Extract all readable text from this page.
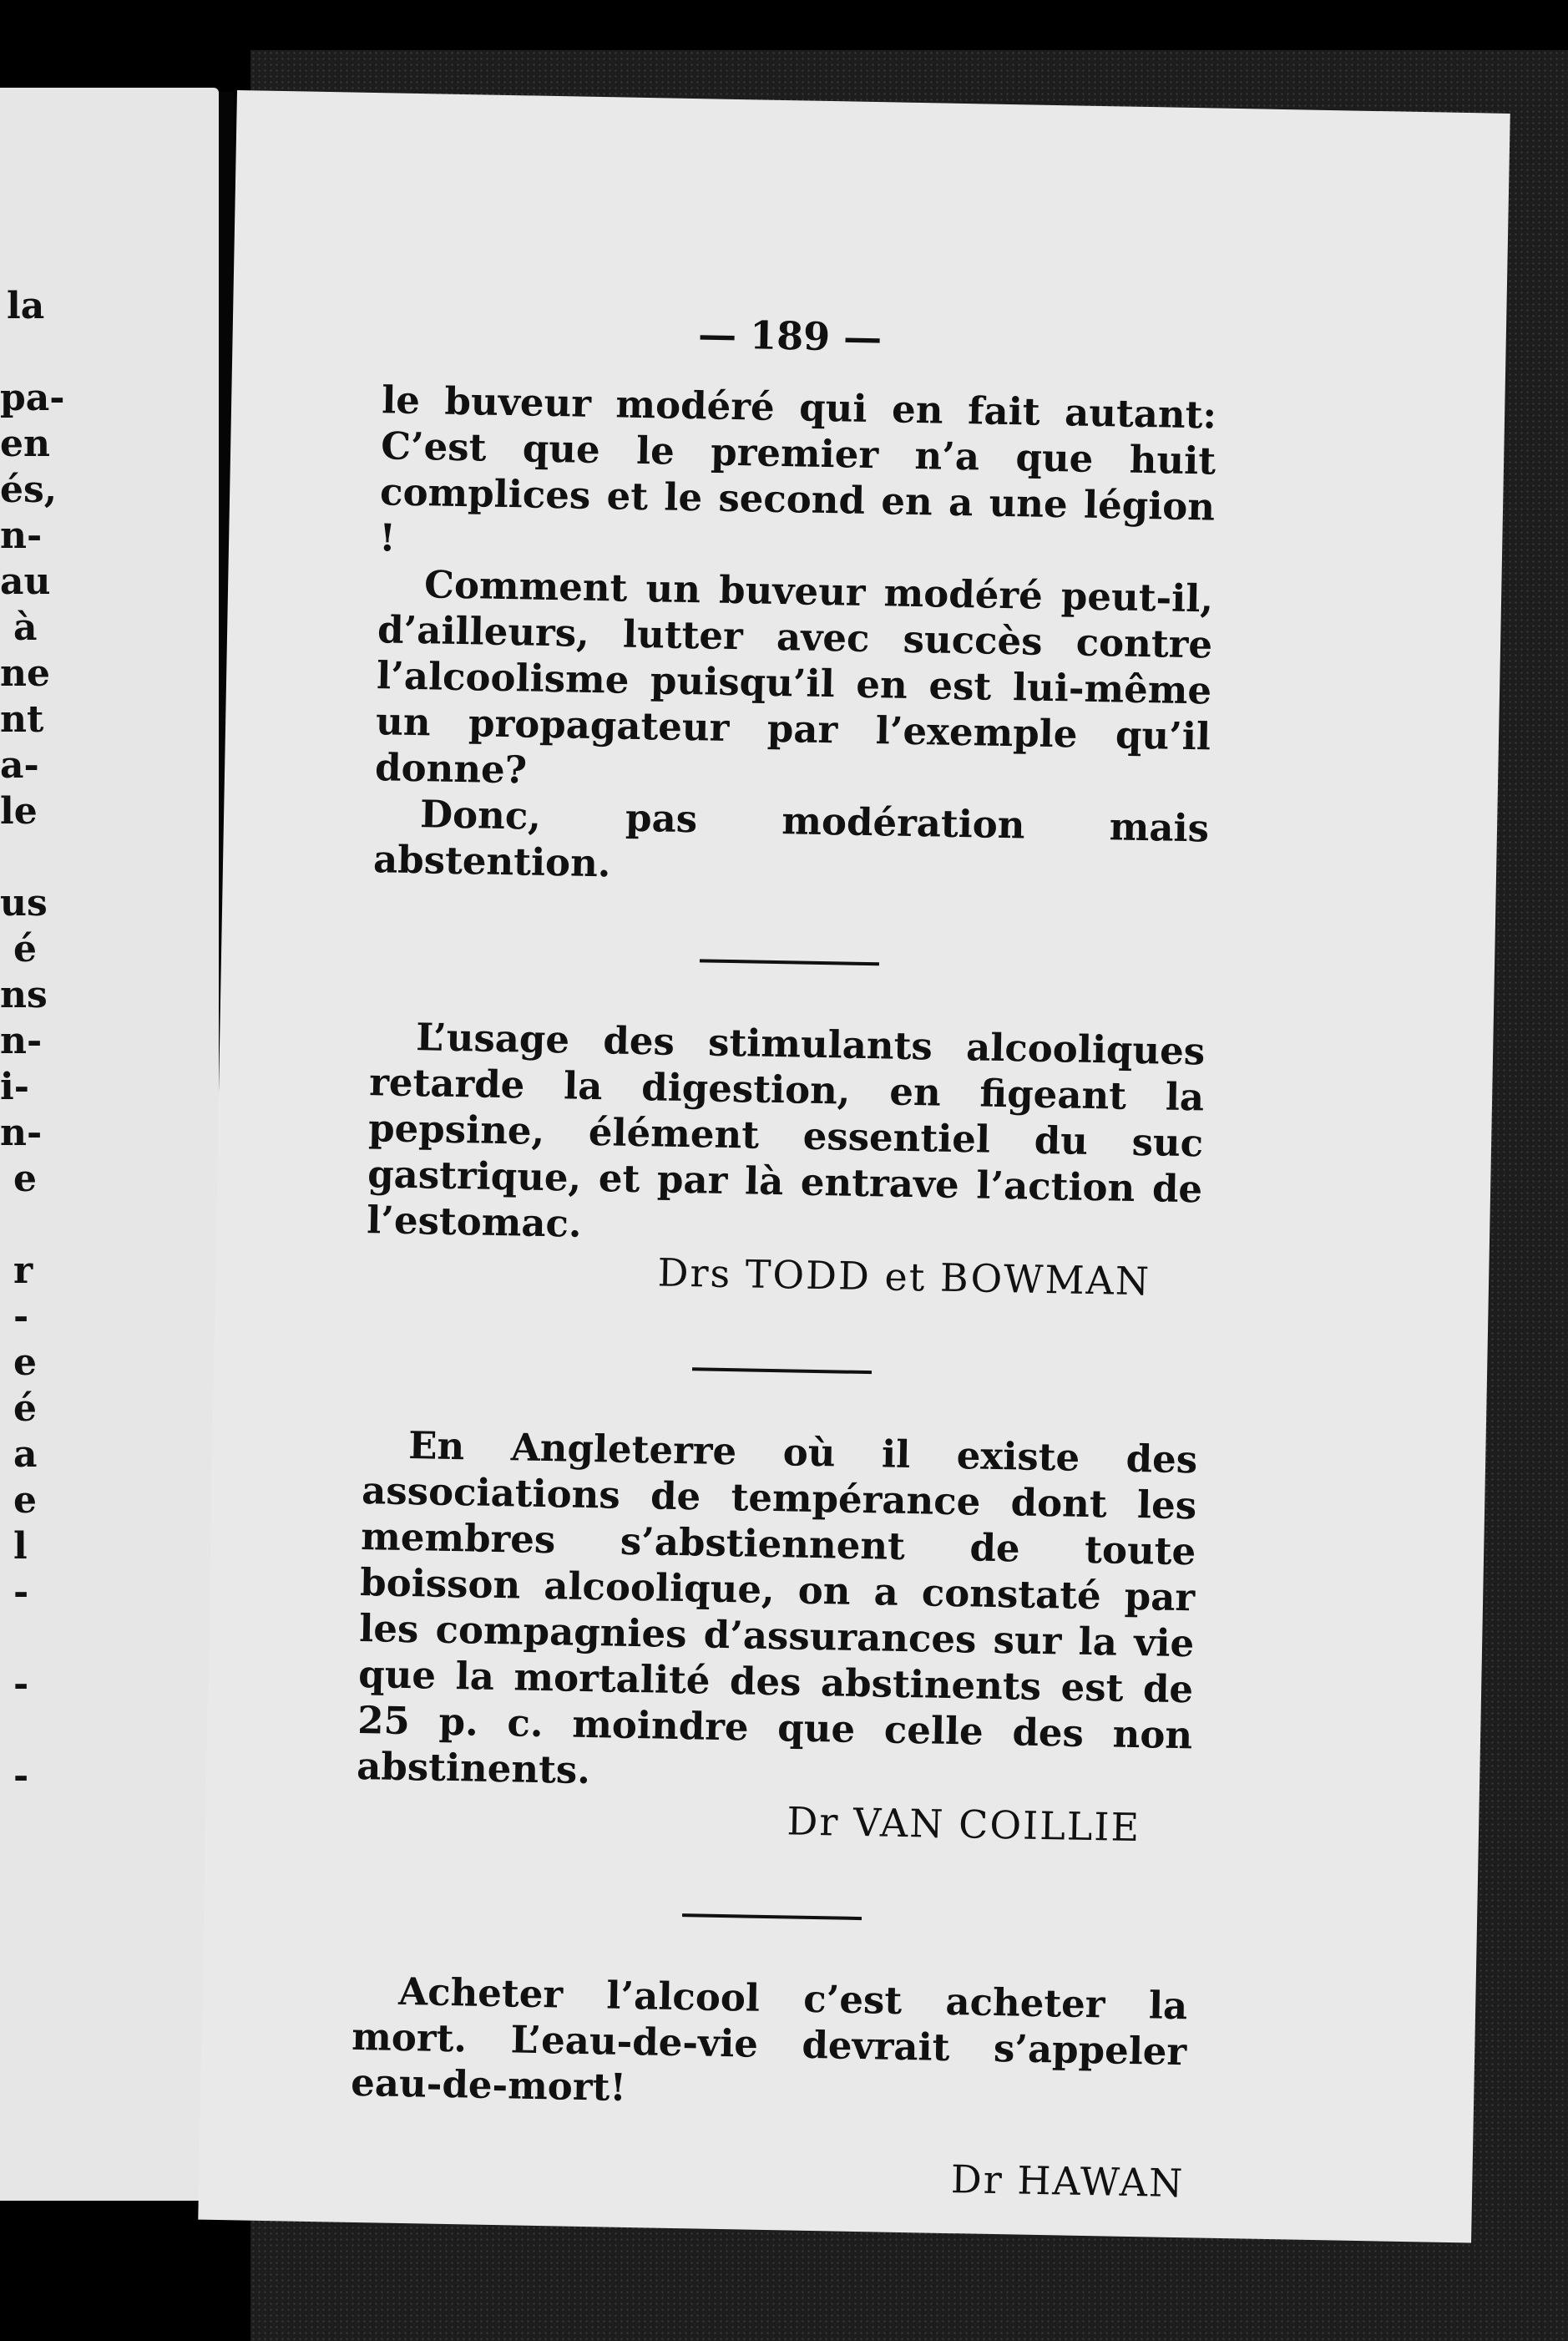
la
pa-
en
és,
n-
au
à
ne
nt
a-
le
us
é
ns
n-
i-
n-
e
r
-
e
é
a
e
l
-
-
-
— 189 —

le buveur modéré qui en fait autant: C’est que le premier n’a que huit complices et le second en a une légion !

Comment un buveur modéré peut-il, d’ailleurs, lutter avec succès contre l’alcoolisme puisqu’il en est lui-même un propagateur par l’exemple qu’il donne?

Donc, pas modération mais abstention.

L’usage des stimulants alcooliques retarde la digestion, en figeant la pepsine, élément essentiel du suc gastrique, et par là entrave l’action de l’estomac.

Drs TODD et BOWMAN

En Angleterre où il existe des associations de tempérance dont les membres s’abstiennent de toute boisson alcoolique, on a constaté par les compagnies d’assurances sur la vie que la mortalité des abstinents est de 25 p. c. moindre que celle des non abstinents.

Dr VAN COILLIE

Acheter l’alcool c’est acheter la mort. L’eau-de-vie devrait s’appeler eau-de-mort!

Dr HAWAN
